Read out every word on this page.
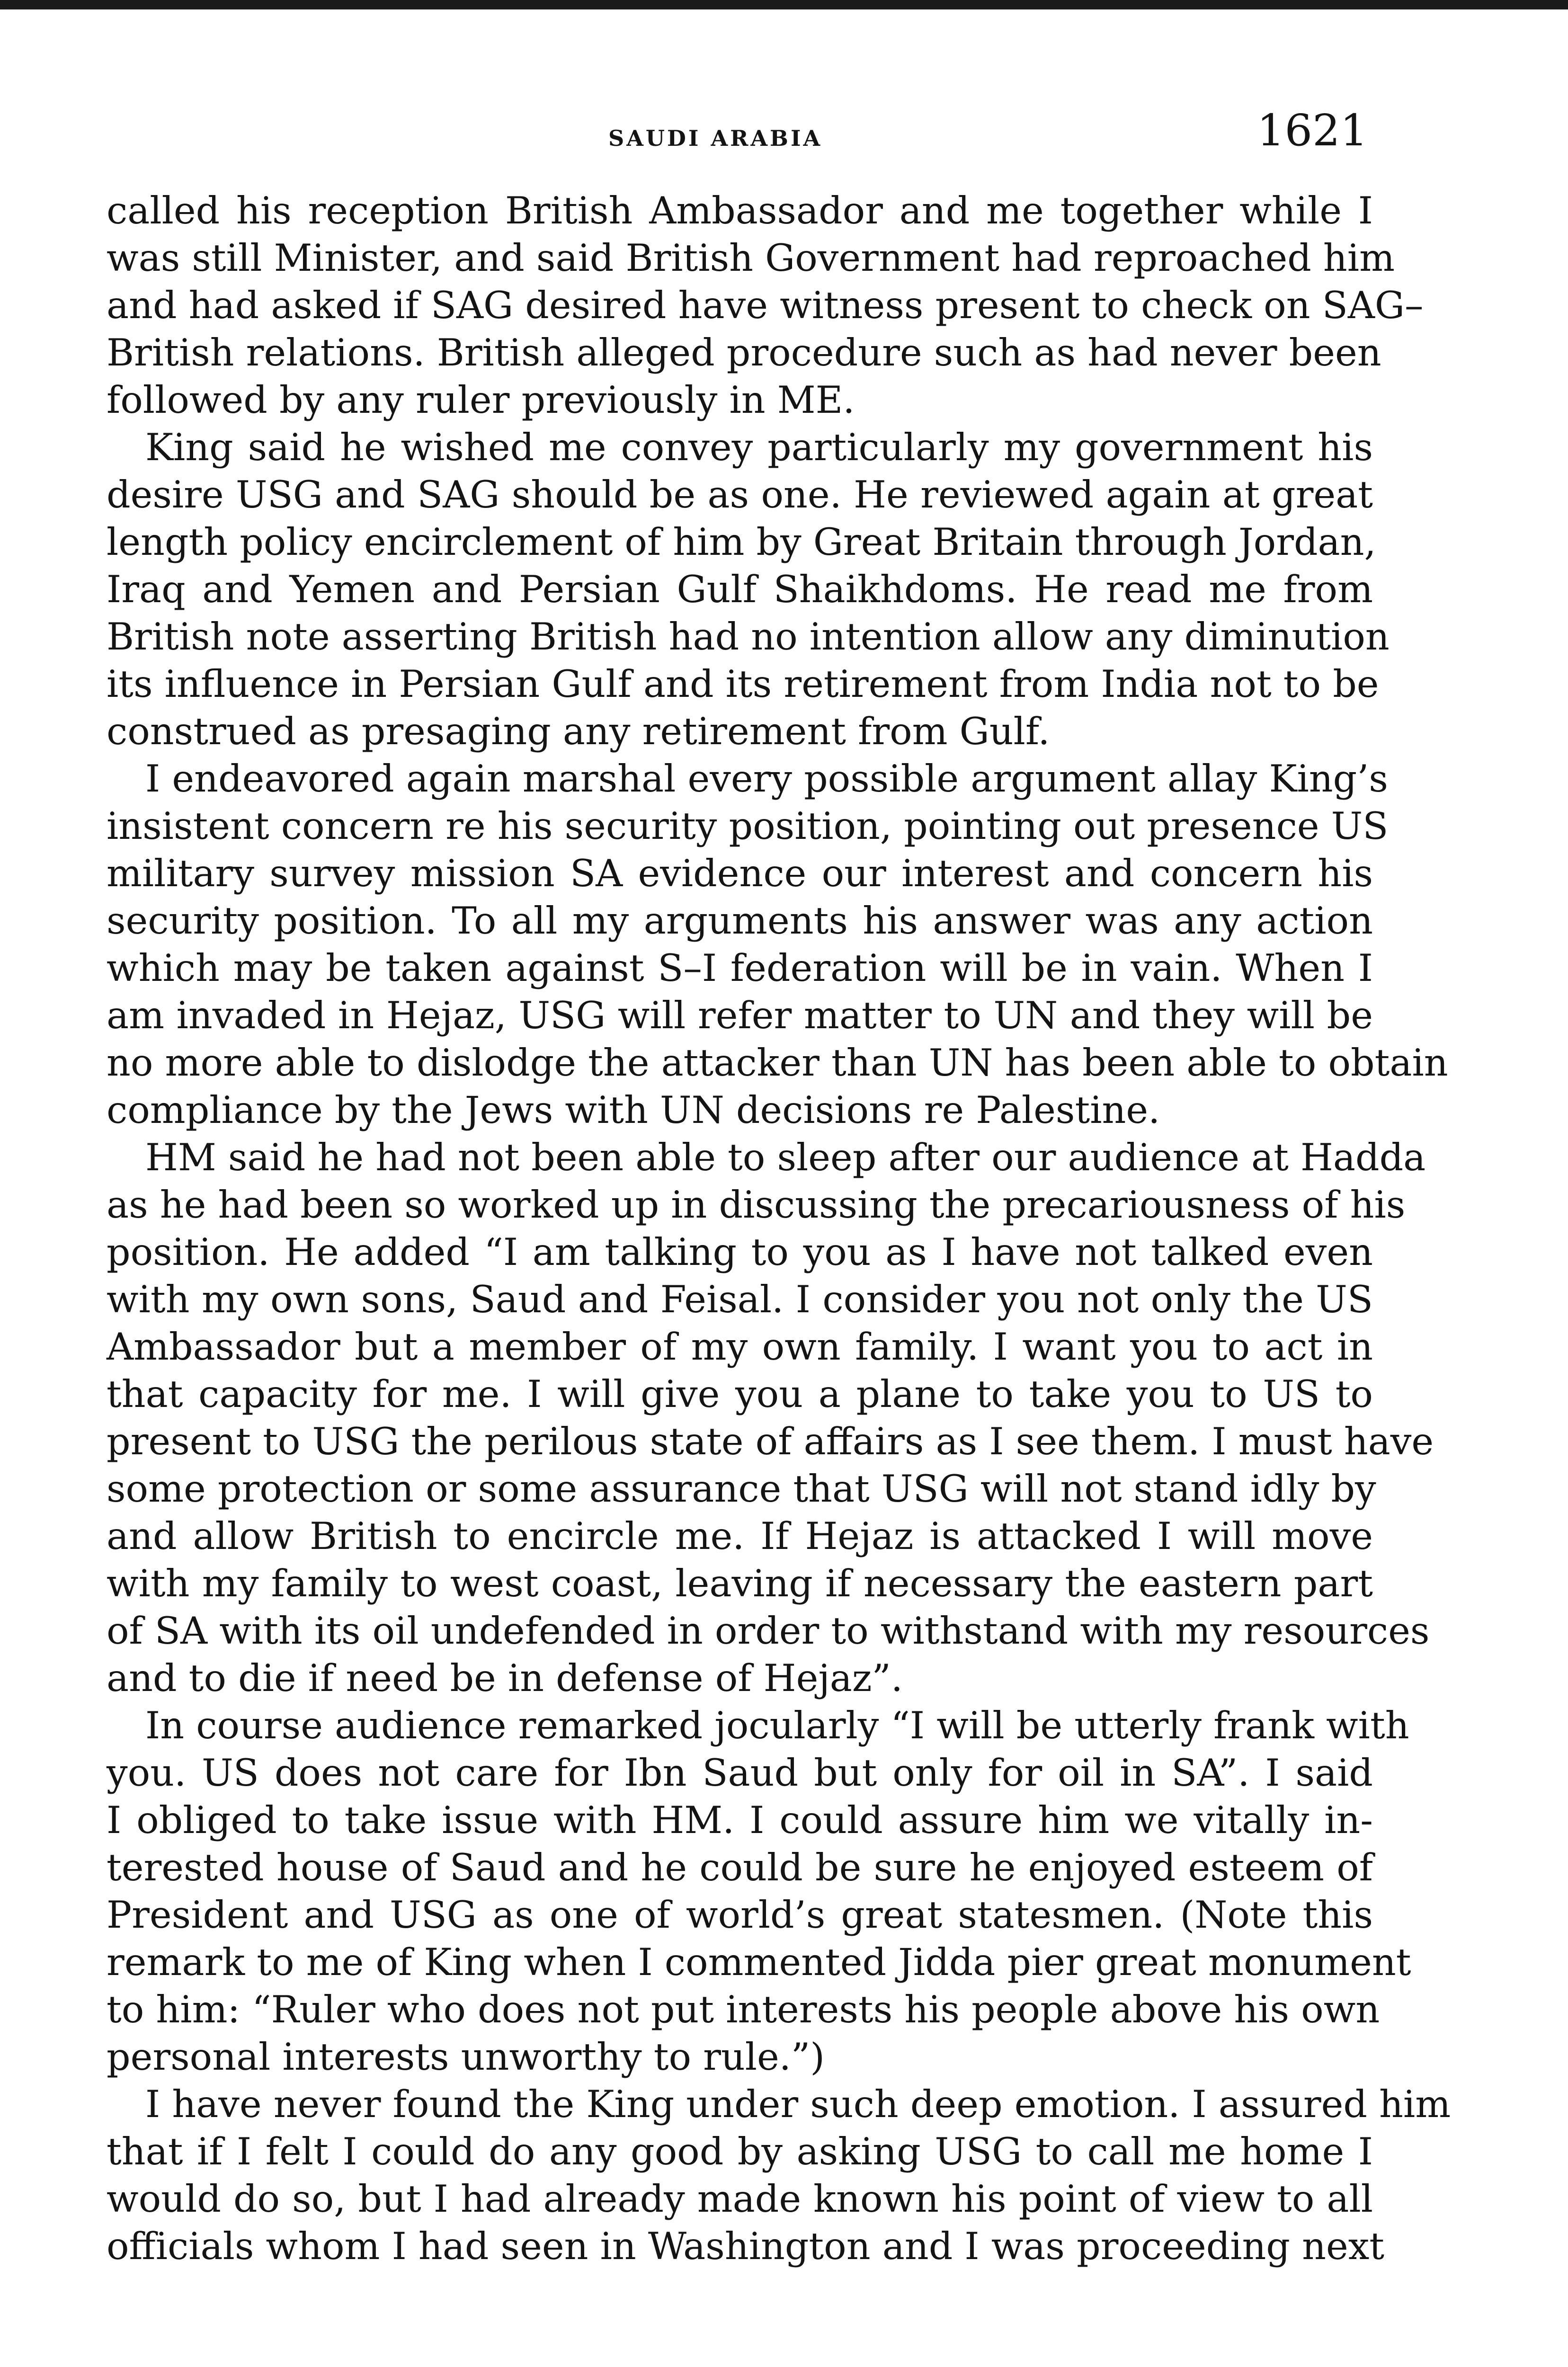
SAUDI ARABIA	1621
called his reception British Ambassador and me together while I
was still Minister, and said British Government had reproached him
and had asked if SAG desired have witness present to check on SAG–
British relations. British alleged procedure such as had never been
followed by any ruler previously in ME.
King said he wished me convey particularly my government his
desire USG and SAG should be as one. He reviewed again at great
length policy encirclement of him by Great Britain through Jordan,
Iraq and Yemen and Persian Gulf Shaikhdoms. He read me from
British note asserting British had no intention allow any diminution
its influence in Persian Gulf and its retirement from India not to be
construed as presaging any retirement from Gulf.
I endeavored again marshal every possible argument allay King’s
insistent concern re his security position, pointing out presence US
military survey mission SA evidence our interest and concern his
security position. To all my arguments his answer was any action
which may be taken against S–I federation will be in vain. When I
am invaded in Hejaz, USG will refer matter to UN and they will be
no more able to dislodge the attacker than UN has been able to obtain
compliance by the Jews with UN decisions re Palestine.
HM said he had not been able to sleep after our audience at Hadda
as he had been so worked up in discussing the precariousness of his
position. He added “I am talking to you as I have not talked even
with my own sons, Saud and Feisal. I consider you not only the US
Ambassador but a member of my own family. I want you to act in
that capacity for me. I will give you a plane to take you to US to
present to USG the perilous state of affairs as I see them. I must have
some protection or some assurance that USG will not stand idly by
and allow British to encircle me. If Hejaz is attacked I will move
with my family to west coast, leaving if necessary the eastern part
of SA with its oil undefended in order to withstand with my resources
and to die if need be in defense of Hejaz”.
In course audience remarked jocularly “I will be utterly frank with
you. US does not care for Ibn Saud but only for oil in SA”. I said
I obliged to take issue with HM. I could assure him we vitally in-
terested house of Saud and he could be sure he enjoyed esteem of
President and USG as one of world’s great statesmen. (Note this
remark to me of King when I commented Jidda pier great monument
to him: “Ruler who does not put interests his people above his own
personal interests unworthy to rule.”)
I have never found the King under such deep emotion. I assured him
that if I felt I could do any good by asking USG to call me home I
would do so, but I had already made known his point of view to all
officials whom I had seen in Washington and I was proceeding next
